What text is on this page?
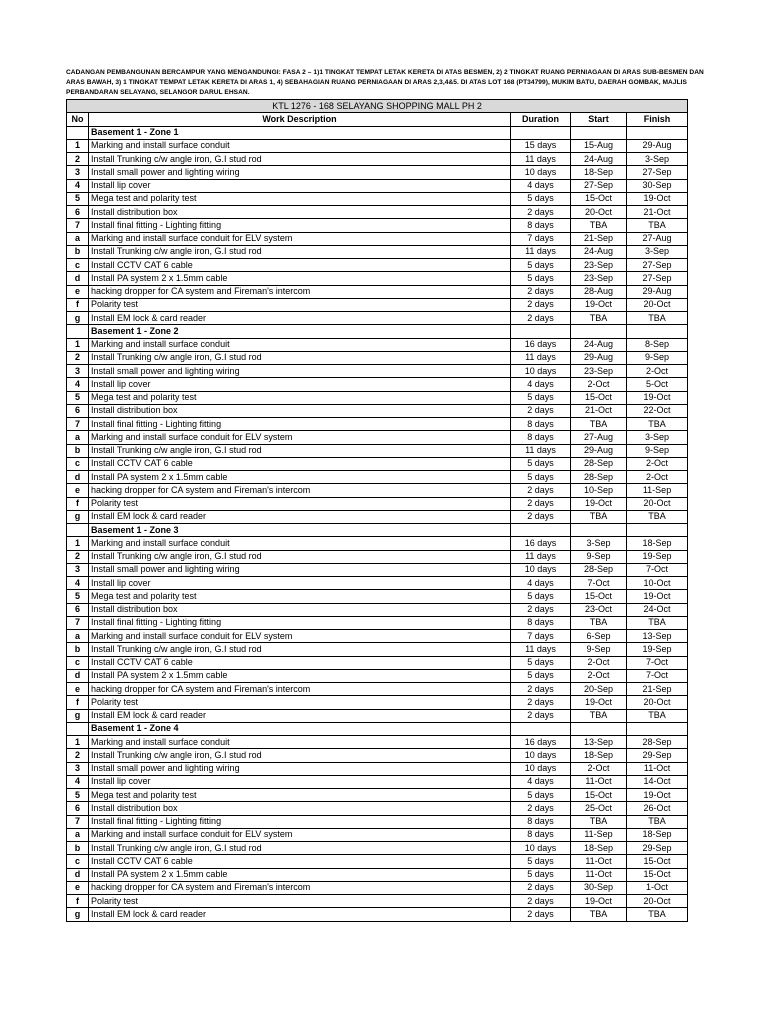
CADANGAN PEMBANGUNAN BERCAMPUR YANG MENGANDUNGI: FASA 2 – 1)1 TINGKAT TEMPAT LETAK KERETA DI ATAS BESMEN, 2) 2 TINGKAT RUANG PERNIAGAAN DI ARAS SUB-BESMEN DAN ARAS BAWAH, 3) 1 TINGKAT TEMPAT LETAK KERETA DI ARAS 1, 4) SEBAHAGIAN RUANG PERNIAGAAN DI ARAS 2,3,4&5. DI ATAS LOT 168 (PT34799), MUKIM BATU, DAERAH GOMBAK, MAJLIS PERBANDARAN SELAYANG, SELANGOR DARUL EHSAN.
KTL 1276 - 168 SELAYANG SHOPPING MALL PH 2				
No	Work Description	Duration	Start	Finish
	Basement 1 - Zone 1			
1	Marking and install surface conduit	15 days	15-Aug	29-Aug
2	Install Trunking c/w angle iron, G.I stud rod	11 days	24-Aug	3-Sep
3	Install small power and lighting wiring	10 days	18-Sep	27-Sep
4	Install lip cover	4 days	27-Sep	30-Sep
5	Mega test and polarity test	5 days	15-Oct	19-Oct
6	Install distribution box	2 days	20-Oct	21-Oct
7	Install final fitting - Lighting fitting	8 days	TBA	TBA
a	Marking and install surface conduit for ELV system	7 days	21-Sep	27-Aug
b	Install Trunking c/w angle iron, G.I stud rod	11 days	24-Aug	3-Sep
c	Install CCTV CAT 6 cable	5 days	23-Sep	27-Sep
d	Install PA system 2 x 1.5mm cable	5 days	23-Sep	27-Sep
e	hacking dropper for CA system and Fireman's intercom	2 days	28-Aug	29-Aug
f	Polarity test	2 days	19-Oct	20-Oct
g	Install EM lock & card reader	2 days	TBA	TBA
	Basement 1 - Zone 2			
1	Marking and install surface conduit	16 days	24-Aug	8-Sep
2	Install Trunking c/w angle iron, G.I stud rod	11 days	29-Aug	9-Sep
3	Install small power and lighting wiring	10 days	23-Sep	2-Oct
4	Install lip cover	4 days	2-Oct	5-Oct
5	Mega test and polarity test	5 days	15-Oct	19-Oct
6	Install distribution box	2 days	21-Oct	22-Oct
7	Install final fitting - Lighting fitting	8 days	TBA	TBA
a	Marking and install surface conduit for ELV system	8 days	27-Aug	3-Sep
b	Install Trunking c/w angle iron, G.I stud rod	11 days	29-Aug	9-Sep
c	Install CCTV CAT 6 cable	5 days	28-Sep	2-Oct
d	Install PA system 2 x 1.5mm cable	5 days	28-Sep	2-Oct
e	hacking dropper for CA system and Fireman's intercom	2 days	10-Sep	11-Sep
f	Polarity test	2 days	19-Oct	20-Oct
g	Install EM lock & card reader	2 days	TBA	TBA
	Basement 1 - Zone 3			
1	Marking and install surface conduit	16 days	3-Sep	18-Sep
2	Install Trunking c/w angle iron, G.I stud rod	11 days	9-Sep	19-Sep
3	Install small power and lighting wiring	10 days	28-Sep	7-Oct
4	Install lip cover	4 days	7-Oct	10-Oct
5	Mega test and polarity test	5 days	15-Oct	19-Oct
6	Install distribution box	2 days	23-Oct	24-Oct
7	Install final fitting - Lighting fitting	8 days	TBA	TBA
a	Marking and install surface conduit for ELV system	7 days	6-Sep	13-Sep
b	Install Trunking c/w angle iron, G.I stud rod	11 days	9-Sep	19-Sep
c	Install CCTV CAT 6 cable	5 days	2-Oct	7-Oct
d	Install PA system 2 x 1.5mm cable	5 days	2-Oct	7-Oct
e	hacking dropper for CA system and Fireman's intercom	2 days	20-Sep	21-Sep
f	Polarity test	2 days	19-Oct	20-Oct
g	Install EM lock & card reader	2 days	TBA	TBA
	Basement 1 - Zone 4			
1	Marking and install surface conduit	16 days	13-Sep	28-Sep
2	Install Trunking c/w angle iron, G.I stud rod	10 days	18-Sep	29-Sep
3	Install small power and lighting wiring	10 days	2-Oct	11-Oct
4	Install lip cover	4 days	11-Oct	14-Oct
5	Mega test and polarity test	5 days	15-Oct	19-Oct
6	Install distribution box	2 days	25-Oct	26-Oct
7	Install final fitting - Lighting fitting	8 days	TBA	TBA
a	Marking and install surface conduit for ELV system	8 days	11-Sep	18-Sep
b	Install Trunking c/w angle iron, G.I stud rod	10 days	18-Sep	29-Sep
c	Install CCTV CAT 6 cable	5 days	11-Oct	15-Oct
d	Install PA system 2 x 1.5mm cable	5 days	11-Oct	15-Oct
e	hacking dropper for CA system and Fireman's intercom	2 days	30-Sep	1-Oct
f	Polarity test	2 days	19-Oct	20-Oct
g	Install EM lock & card reader	2 days	TBA	TBA
